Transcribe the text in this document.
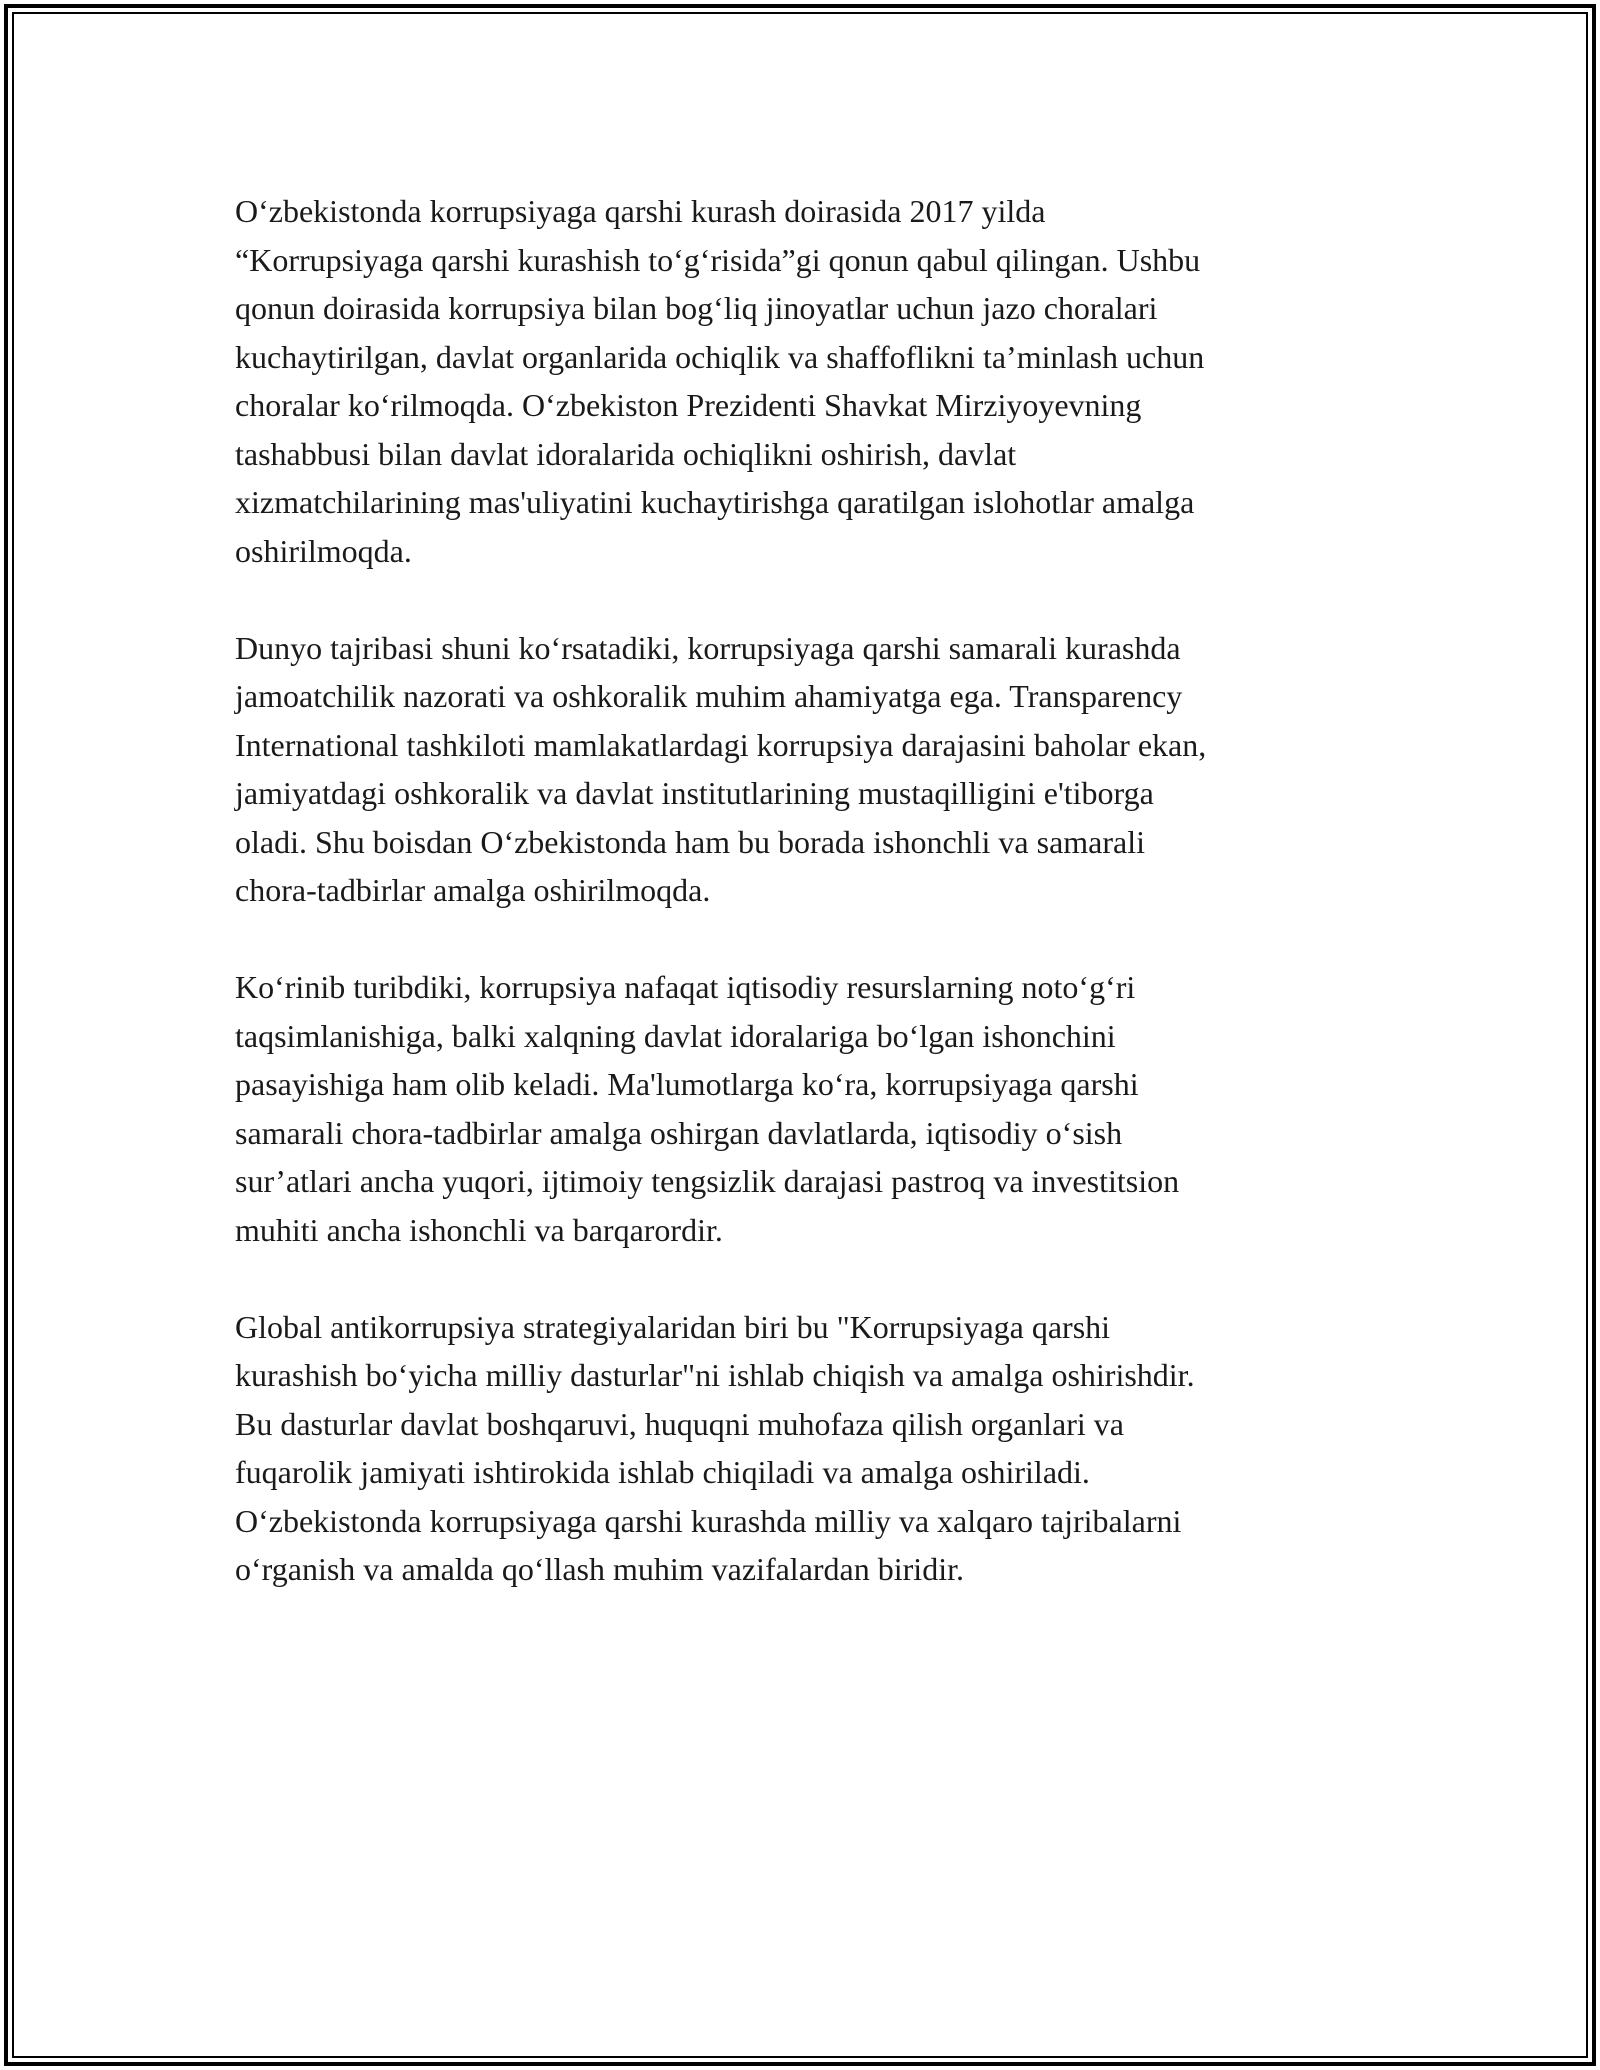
O‘zbekistonda korrupsiyaga qarshi kurash doirasida 2017 yilda
“Korrupsiyaga qarshi kurashish to‘g‘risida”gi qonun qabul qilingan. Ushbu
qonun doirasida korrupsiya bilan bog‘liq jinoyatlar uchun jazo choralari
kuchaytirilgan, davlat organlarida ochiqlik va shaffoflikni ta’minlash uchun
choralar ko‘rilmoqda. O‘zbekiston Prezidenti Shavkat Mirziyoyevning
tashabbusi bilan davlat idoralarida ochiqlikni oshirish, davlat
xizmatchilarining mas'uliyatini kuchaytirishga qaratilgan islohotlar amalga
oshirilmoqda.

Dunyo tajribasi shuni ko‘rsatadiki, korrupsiyaga qarshi samarali kurashda
jamoatchilik nazorati va oshkoralik muhim ahamiyatga ega. Transparency
International tashkiloti mamlakatlardagi korrupsiya darajasini baholar ekan,
jamiyatdagi oshkoralik va davlat institutlarining mustaqilligini e'tiborga
oladi. Shu boisdan O‘zbekistonda ham bu borada ishonchli va samarali
chora-tadbirlar amalga oshirilmoqda.

Ko‘rinib turibdiki, korrupsiya nafaqat iqtisodiy resurslarning noto‘g‘ri
taqsimlanishiga, balki xalqning davlat idoralariga bo‘lgan ishonchini
pasayishiga ham olib keladi. Ma'lumotlarga ko‘ra, korrupsiyaga qarshi
samarali chora-tadbirlar amalga oshirgan davlatlarda, iqtisodiy o‘sish
sur’atlari ancha yuqori, ijtimoiy tengsizlik darajasi pastroq va investitsion
muhiti ancha ishonchli va barqarordir.

Global antikorrupsiya strategiyalaridan biri bu "Korrupsiyaga qarshi
kurashish bo‘yicha milliy dasturlar"ni ishlab chiqish va amalga oshirishdir.
Bu dasturlar davlat boshqaruvi, huquqni muhofaza qilish organlari va
fuqarolik jamiyati ishtirokida ishlab chiqiladi va amalga oshiriladi.
O‘zbekistonda korrupsiyaga qarshi kurashda milliy va xalqaro tajribalarni
o‘rganish va amalda qo‘llash muhim vazifalardan biridir.
